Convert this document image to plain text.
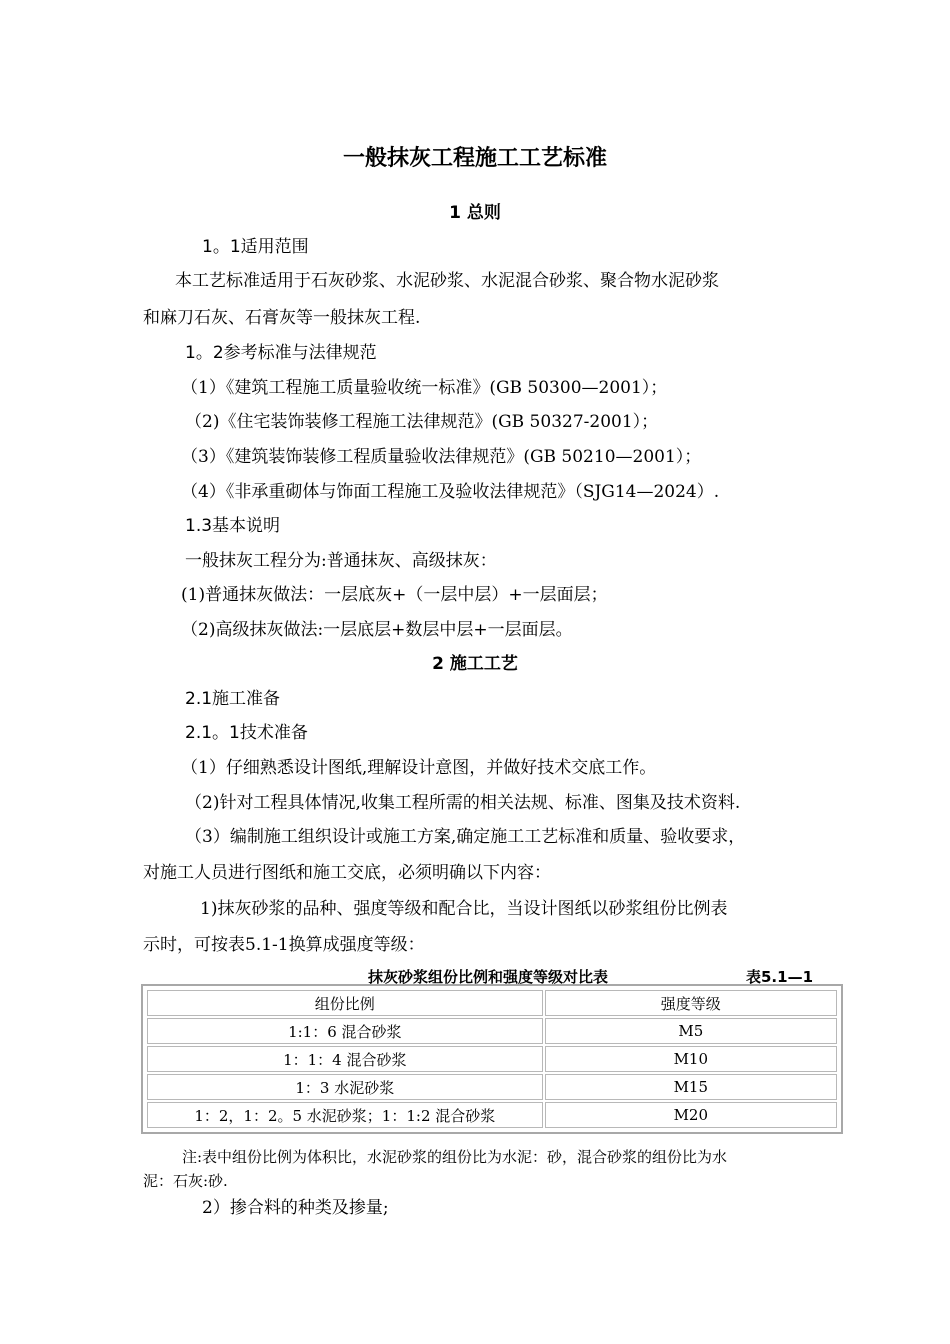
一般抹灰工程施工工艺标准
1 总则
1。1适用范围
本工艺标准适用于石灰砂浆、水泥砂浆、水泥混合砂浆、聚合物水泥砂浆
和麻刀石灰、石膏灰等一般抹灰工程.
1。2参考标准与法律规范
（1）《建筑工程施工质量验收统一标准》(GB 50300—2001）；
（2)《住宅装饰装修工程施工法律规范》(GB 50327-2001）；
（3）《建筑装饰装修工程质量验收法律规范》(GB 50210—2001）；
（4）《非承重砌体与饰面工程施工及验收法律规范》（SJG14—2024）.
1.3基本说明
一般抹灰工程分为:普通抹灰、高级抹灰：
(1)普通抹灰做法：一层底灰+（一层中层）+一层面层；
（2)高级抹灰做法:一层底层+数层中层+一层面层。
2 施工工艺
2.1施工准备
2.1。1技术准备
（1）仔细熟悉设计图纸,理解设计意图，并做好技术交底工作。
（2)针对工程具体情况,收集工程所需的相关法规、标准、图集及技术资料.
（3）编制施工组织设计或施工方案,确定施工工艺标准和质量、验收要求，
对施工人员进行图纸和施工交底，必须明确以下内容：
1)抹灰砂浆的品种、强度等级和配合比，当设计图纸以砂浆组份比例表
示时，可按表5.1-1换算成强度等级：
抹灰砂浆组份比例和强度等级对比表	表5.1—1
组份比例	强度等级
1:1：6 混合砂浆	M5
1：1：4 混合砂浆	M10
1：3 水泥砂浆	M15
1：2，1：2。5 水泥砂浆；1：1:2 混合砂浆	M20
注:表中组份比例为体积比，水泥砂浆的组份比为水泥：砂，混合砂浆的组份比为水
泥：石灰:砂.
2）掺合料的种类及掺量;
